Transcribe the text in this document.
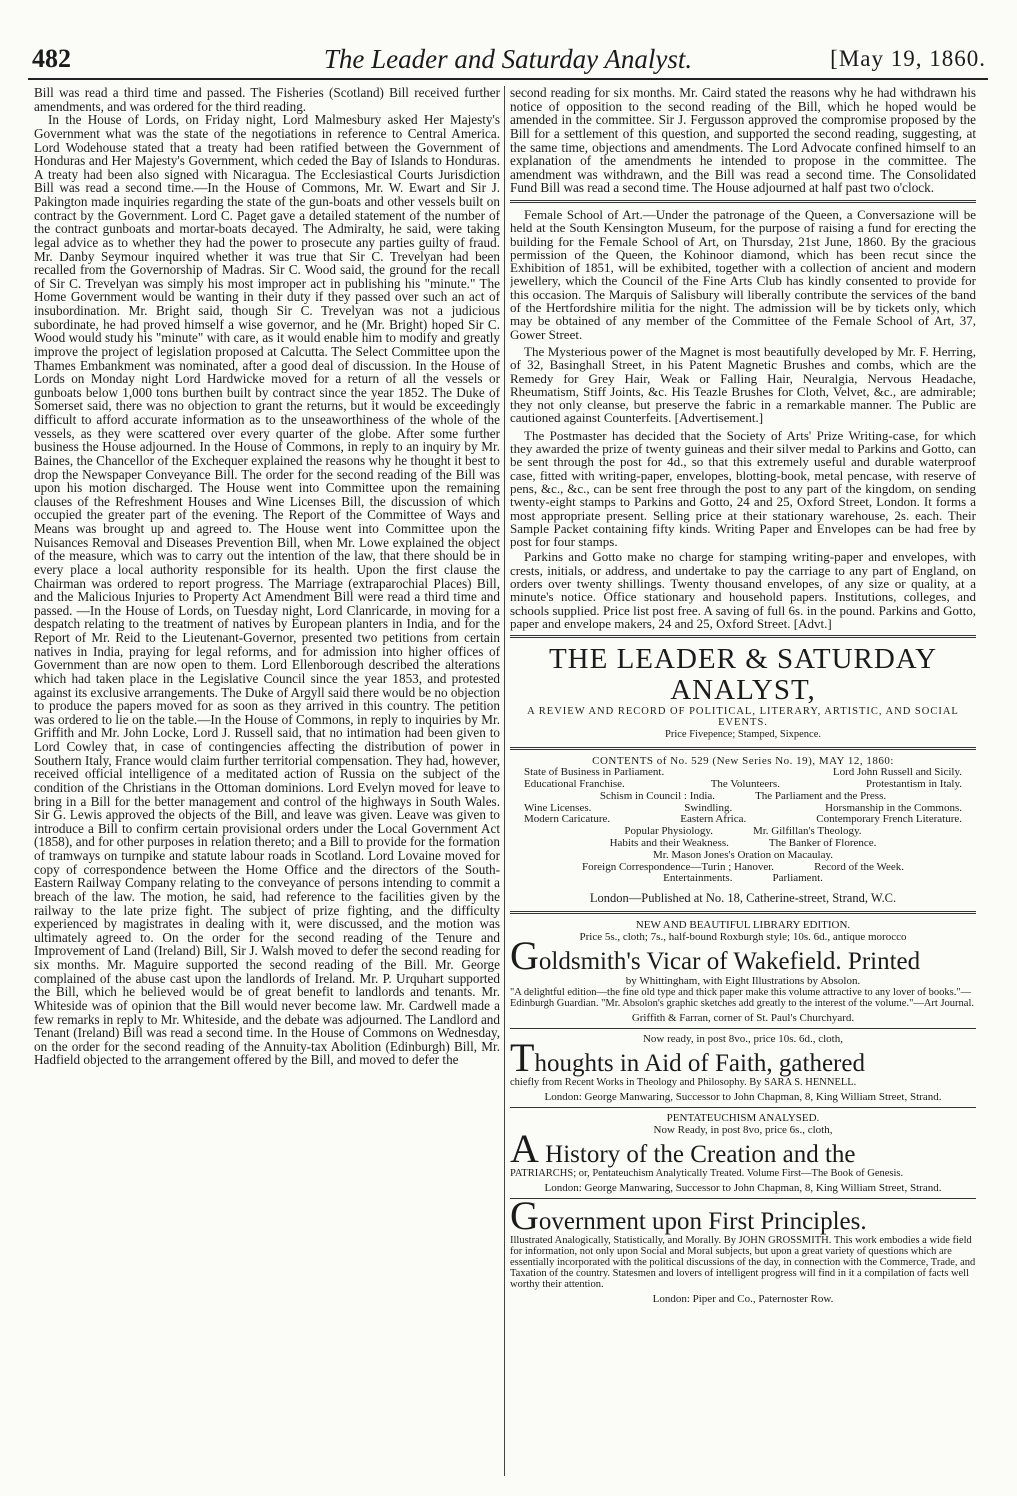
482	The Leader and Saturday Analyst.	[May 19, 1860.

Bill was read a third time and passed. The Fisheries (Scotland) Bill received further amendments, and was ordered for the third reading.

In the House of Lords, on Friday night, Lord Malmesbury asked Her Majesty's Government what was the state of the negotiations in reference to Central America. Lord Wodehouse stated that a treaty had been ratified between the Government of Honduras and Her Majesty's Government, which ceded the Bay of Islands to Honduras. A treaty had been also signed with Nicaragua. The Ecclesiastical Courts Jurisdiction Bill was read a second time.—In the House of Commons, Mr. W. Ewart and Sir J. Pakington made inquiries regarding the state of the gun-boats and other vessels built on contract by the Government. Lord C. Paget gave a detailed statement of the number of the contract gunboats and mortar-boats decayed. The Admiralty, he said, were taking legal advice as to whether they had the power to prosecute any parties guilty of fraud. Mr. Danby Seymour inquired whether it was true that Sir C. Trevelyan had been recalled from the Governorship of Madras. Sir C. Wood said, the ground for the recall of Sir C. Trevelyan was simply his most improper act in publishing his "minute." The Home Government would be wanting in their duty if they passed over such an act of insubordination. Mr. Bright said, though Sir C. Trevelyan was not a judicious subordinate, he had proved himself a wise governor, and he (Mr. Bright) hoped Sir C. Wood would study his "minute" with care, as it would enable him to modify and greatly improve the project of legislation proposed at Calcutta. The Select Committee upon the Thames Embankment was nominated, after a good deal of discussion. In the House of Lords on Monday night Lord Hardwicke moved for a return of all the vessels or gunboats below 1,000 tons burthen built by contract since the year 1852. The Duke of Somerset said, there was no objection to grant the returns, but it would be exceedingly difficult to afford accurate information as to the unseaworthiness of the whole of the vessels, as they were scattered over every quarter of the globe. After some further business the House adjourned. In the House of Commons, in reply to an inquiry by Mr. Baines, the Chancellor of the Exchequer explained the reasons why he thought it best to drop the Newspaper Conveyance Bill. The order for the second reading of the Bill was upon his motion discharged. The House went into Committee upon the remaining clauses of the Refreshment Houses and Wine Licenses Bill, the discussion of which occupied the greater part of the evening. The Report of the Committee of Ways and Means was brought up and agreed to. The House went into Committee upon the Nuisances Removal and Diseases Prevention Bill, when Mr. Lowe explained the object of the measure, which was to carry out the intention of the law, that there should be in every place a local authority responsible for its health. Upon the first clause the Chairman was ordered to report progress. The Marriage (extraparochial Places) Bill, and the Malicious Injuries to Property Act Amendment Bill were read a third time and passed. —In the House of Lords, on Tuesday night, Lord Clanricarde, in moving for a despatch relating to the treatment of natives by European planters in India, and for the Report of Mr. Reid to the Lieutenant-Governor, presented two petitions from certain natives in India, praying for legal reforms, and for admission into higher offices of Government than are now open to them. Lord Ellenborough described the alterations which had taken place in the Legislative Council since the year 1853, and protested against its exclusive arrangements. The Duke of Argyll said there would be no objection to produce the papers moved for as soon as they arrived in this country. The petition was ordered to lie on the table.—In the House of Commons, in reply to inquiries by Mr. Griffith and Mr. John Locke, Lord J. Russell said, that no intimation had been given to Lord Cowley that, in case of contingencies affecting the distribution of power in Southern Italy, France would claim further territorial compensation. They had, however, received official intelligence of a meditated action of Russia on the subject of the condition of the Christians in the Ottoman dominions. Lord Evelyn moved for leave to bring in a Bill for the better management and control of the highways in South Wales. Sir G. Lewis approved the objects of the Bill, and leave was given. Leave was given to introduce a Bill to confirm certain provisional orders under the Local Government Act (1858), and for other purposes in relation thereto; and a Bill to provide for the formation of tramways on turnpike and statute labour roads in Scotland. Lord Lovaine moved for copy of correspondence between the Home Office and the directors of the South-Eastern Railway Company relating to the conveyance of persons intending to commit a breach of the law. The motion, he said, had reference to the facilities given by the railway to the late prize fight. The subject of prize fighting, and the difficulty experienced by magistrates in dealing with it, were discussed, and the motion was ultimately agreed to. On the order for the second reading of the Tenure and Improvement of Land (Ireland) Bill, Sir J. Walsh moved to defer the second reading for six months. Mr. Maguire supported the second reading of the Bill. Mr. George complained of the abuse cast upon the landlords of Ireland. Mr. P. Urquhart supported the Bill, which he believed would be of great benefit to landlords and tenants. Mr. Whiteside was of opinion that the Bill would never become law. Mr. Cardwell made a few remarks in reply to Mr. Whiteside, and the debate was adjourned. The Landlord and Tenant (Ireland) Bill was read a second time. In the House of Commons on Wednesday, on the order for the second reading of the Annuity-tax Abolition (Edinburgh) Bill, Mr. Hadfield objected to the arrangement offered by the Bill, and moved to defer the

second reading for six months. Mr. Caird stated the reasons why he had withdrawn his notice of opposition to the second reading of the Bill, which he hoped would be amended in the committee. Sir J. Fergusson approved the compromise proposed by the Bill for a settlement of this question, and supported the second reading, suggesting, at the same time, objections and amendments. The Lord Advocate confined himself to an explanation of the amendments he intended to propose in the committee. The amendment was withdrawn, and the Bill was read a second time. The Consolidated Fund Bill was read a second time. The House adjourned at half past two o'clock.
Female School of Art.—Under the patronage of the Queen, a Conversazione will be held at the South Kensington Museum, for the purpose of raising a fund for erecting the building for the Female School of Art, on Thursday, 21st June, 1860. By the gracious permission of the Queen, the Kohinoor diamond, which has been recut since the Exhibition of 1851, will be exhibited, together with a collection of ancient and modern jewellery, which the Council of the Fine Arts Club has kindly consented to provide for this occasion. The Marquis of Salisbury will liberally contribute the services of the band of the Hertfordshire militia for the night. The admission will be by tickets only, which may be obtained of any member of the Committee of the Female School of Art, 37, Gower Street.
The Mysterious power of the Magnet is most beautifully developed by Mr. F. Herring, of 32, Basinghall Street, in his Patent Magnetic Brushes and combs, which are the Remedy for Grey Hair, Weak or Falling Hair, Neuralgia, Nervous Headache, Rheumatism, Stiff Joints, &c. His Teazle Brushes for Cloth, Velvet, &c., are admirable; they not only cleanse, but preserve the fabric in a remarkable manner. The Public are cautioned against Counterfeits. [Advertisement.]
The Postmaster has decided that the Society of Arts' Prize Writing-case, for which they awarded the prize of twenty guineas and their silver medal to Parkins and Gotto, can be sent through the post for 4d., so that this extremely useful and durable waterproof case, fitted with writing-paper, envelopes, blotting-book, metal pencase, with reserve of pens, &c., &c., can be sent free through the post to any part of the kingdom, on sending twenty-eight stamps to Parkins and Gotto, 24 and 25, Oxford Street, London. It forms a most appropriate present. Selling price at their stationary warehouse, 2s. each. Their Sample Packet containing fifty kinds. Writing Paper and Envelopes can be had free by post for four stamps.
Parkins and Gotto make no charge for stamping writing-paper and envelopes, with crests, initials, or address, and undertake to pay the carriage to any part of England, on orders over twenty shillings. Twenty thousand envelopes, of any size or quality, at a minute's notice. Office stationary and household papers. Institutions, colleges, and schools supplied. Price list post free. A saving of full 6s. in the pound. Parkins and Gotto, paper and envelope makers, 24 and 25, Oxford Street. [Advt.]
THE LEADER & SATURDAY ANALYST,
A REVIEW AND RECORD OF POLITICAL, LITERARY, ARTISTIC, AND SOCIAL EVENTS.
Price Fivepence; Stamped, Sixpence.
CONTENTS of No. 529 (New Series No. 19), MAY 12, 1860:
State of Business in Parliament.	Lord John Russell and Sicily.
Educational Franchise.	The Volunteers.	Protestantism in Italy.
Schism in Council : India.	The Parliament and the Press.
Wine Licenses.	Swindling.	Horsmanship in the Commons.
Modern Caricature.	Eastern Africa.	Contemporary French Literature.
Popular Physiology.	Mr. Gilfillan's Theology.
Habits and their Weakness.	The Banker of Florence.
Mr. Mason Jones's Oration on Macaulay.
Foreign Correspondence—Turin ; Hanover.	Record of the Week.
Entertainments.	Parliament.
London—Published at No. 18, Catherine-street, Strand, W.C.
NEW AND BEAUTIFUL LIBRARY EDITION.
Price 5s., cloth; 7s., half-bound Roxburgh style; 10s. 6d., antique morocco
Goldsmith's Vicar of Wakefield. Printed
by Whittingham, with Eight Illustrations by Absolon.
"A delightful edition—the fine old type and thick paper make this volume attractive to any lover of books."—Edinburgh Guardian. "Mr. Absolon's graphic sketches add greatly to the interest of the volume."—Art Journal.
Griffith & Farran, corner of St. Paul's Churchyard.
Now ready, in post 8vo., price 10s. 6d., cloth,
Thoughts in Aid of Faith, gathered
chiefly from Recent Works in Theology and Philosophy. By SARA S. HENNELL.
London: George Manwaring, Successor to John Chapman, 8, King William Street, Strand.
PENTATEUCHISM ANALYSED.
Now Ready, in post 8vo, price 6s., cloth,
A History of the Creation and the
PATRIARCHS; or, Pentateuchism Analytically Treated. Volume First—The Book of Genesis.
London: George Manwaring, Successor to John Chapman, 8, King William Street, Strand.
Government upon First Principles.
Illustrated Analogically, Statistically, and Morally. By JOHN GROSSMITH. This work embodies a wide field for information, not only upon Social and Moral subjects, but upon a great variety of questions which are essentially incorporated with the political discussions of the day, in connection with the Commerce, Trade, and Taxation of the country. Statesmen and lovers of intelligent progress will find in it a compilation of facts well worthy their attention.
London: Piper and Co., Paternoster Row.
